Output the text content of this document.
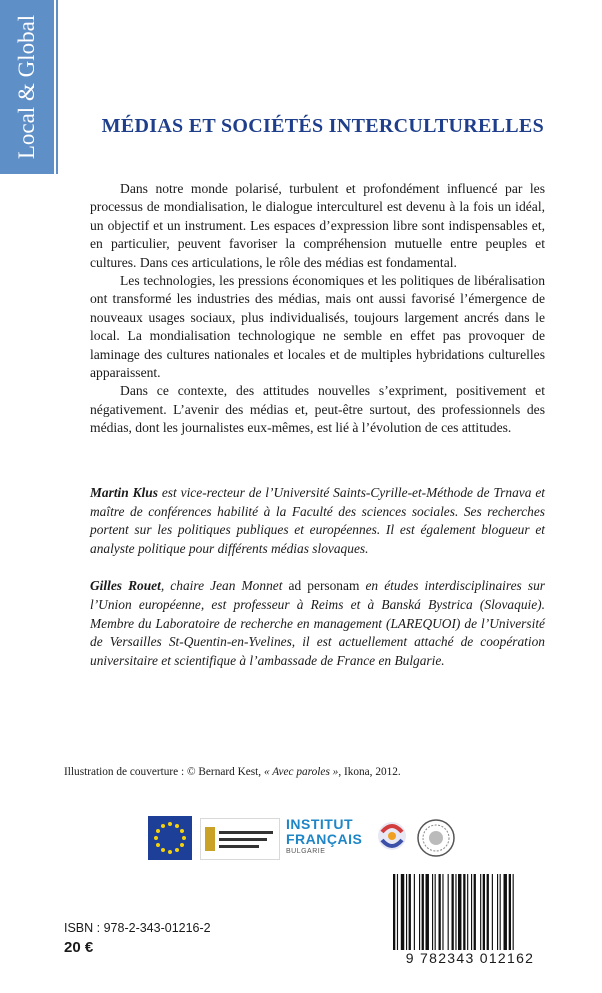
Local & Global	MÉDIAS ET SOCIÉTÉS INTERCULTURELLES

Dans notre monde polarisé, turbulent et profondément influencé par les processus de mondialisation, le dialogue interculturel est devenu à la fois un idéal, un objectif et un instrument. Les espaces d’expression libre sont indispensables et, en particulier, peuvent favoriser la compréhension mutuelle entre peuples et cultures. Dans ces articulations, le rôle des médias est fondamental.

Les technologies, les pressions économiques et les politiques de libéralisation ont transformé les industries des médias, mais ont aussi favorisé l’émergence de nouveaux usages sociaux, plus individualisés, toujours largement ancrés dans le local. La mondialisation technologique ne semble en effet pas provoquer de laminage des cultures nationales et locales et de multiples hybridations culturelles apparaissent.

Dans ce contexte, des attitudes nouvelles s’expriment, positivement et négativement. L’avenir des médias et, peut-être surtout, des professionnels des médias, dont les journalistes eux-mêmes, est lié à l’évolution de ces attitudes.

Martin Klus est vice-recteur de l’Université Saints-Cyrille-et-Méthode de Trnava et maître de conférences habilité à la Faculté des sciences sociales. Ses recherches portent sur les politiques publiques et européennes. Il est également blogueur et analyste politique pour différents médias slovaques.

Gilles Rouet, chaire Jean Monnet ad personam en études interdisciplinaires sur l’Union européenne, est professeur à Reims et à Banská Bystrica (Slovaquie). Membre du Laboratoire de recherche en management (LAREQUOI) de l’Université de Versailles St-Quentin-en-Yvelines, il est actuellement attaché de coopération universitaire et scientifique à l’ambassade de France en Bulgarie.

Illustration de couverture : © Bernard Kest, « Avec paroles », Ikona, 2012.
INSTITUT
FRANÇAIS
BULGARIE
ISBN : 978-2-343-01216-2
20 €
9 782343 012162
